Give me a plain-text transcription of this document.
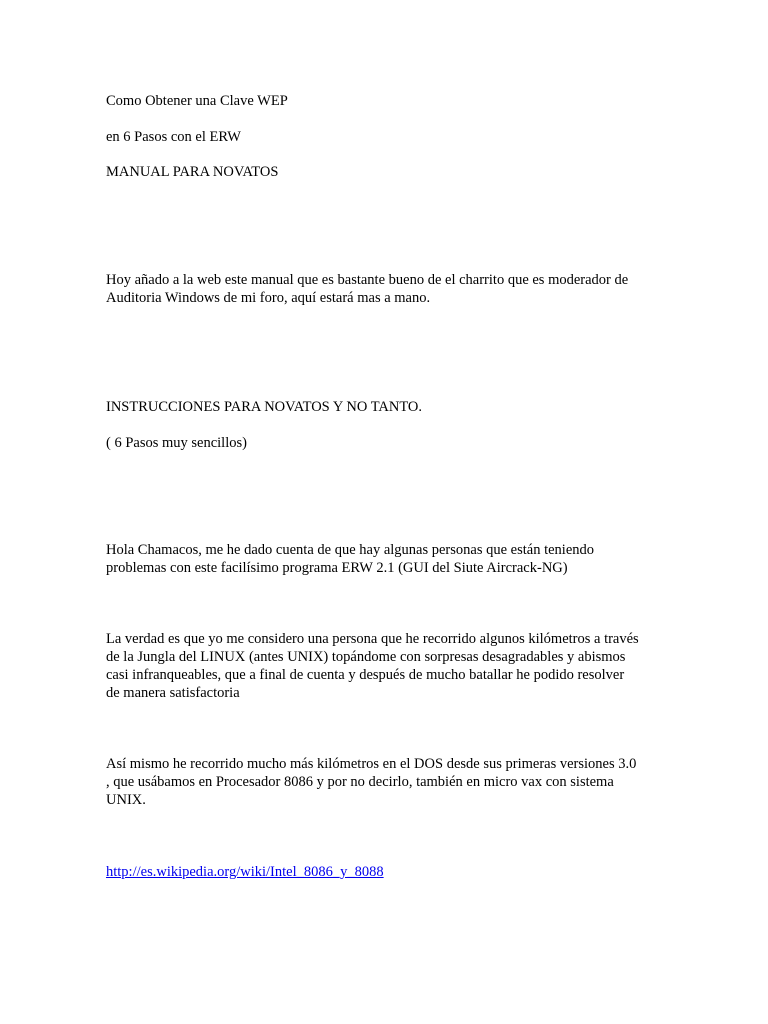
Como Obtener una Clave WEP

en 6 Pasos con el ERW

MANUAL PARA NOVATOS

Hoy añado a la web este manual que es bastante bueno de el charrito que es moderador de
Auditoria Windows de mi foro, aquí estará mas a mano.

INSTRUCCIONES PARA NOVATOS Y NO TANTO.

( 6 Pasos muy sencillos)

Hola Chamacos, me he dado cuenta de que hay algunas personas que están teniendo
problemas con este facilísimo programa ERW 2.1 (GUI del Siute Aircrack-NG)
La verdad es que yo me considero una persona que he recorrido algunos kilómetros a través
de la Jungla del LINUX (antes UNIX) topándome con sorpresas desagradables y abismos
casi infranqueables, que a final de cuenta y después de mucho batallar he podido resolver
de manera satisfactoria
Así mismo he recorrido mucho más kilómetros en el DOS desde sus primeras versiones 3.0
, que usábamos en Procesador 8086 y por no decirlo, también en micro vax con sistema
UNIX.

http://es.wikipedia.org/wiki/Intel_8086_y_8088
